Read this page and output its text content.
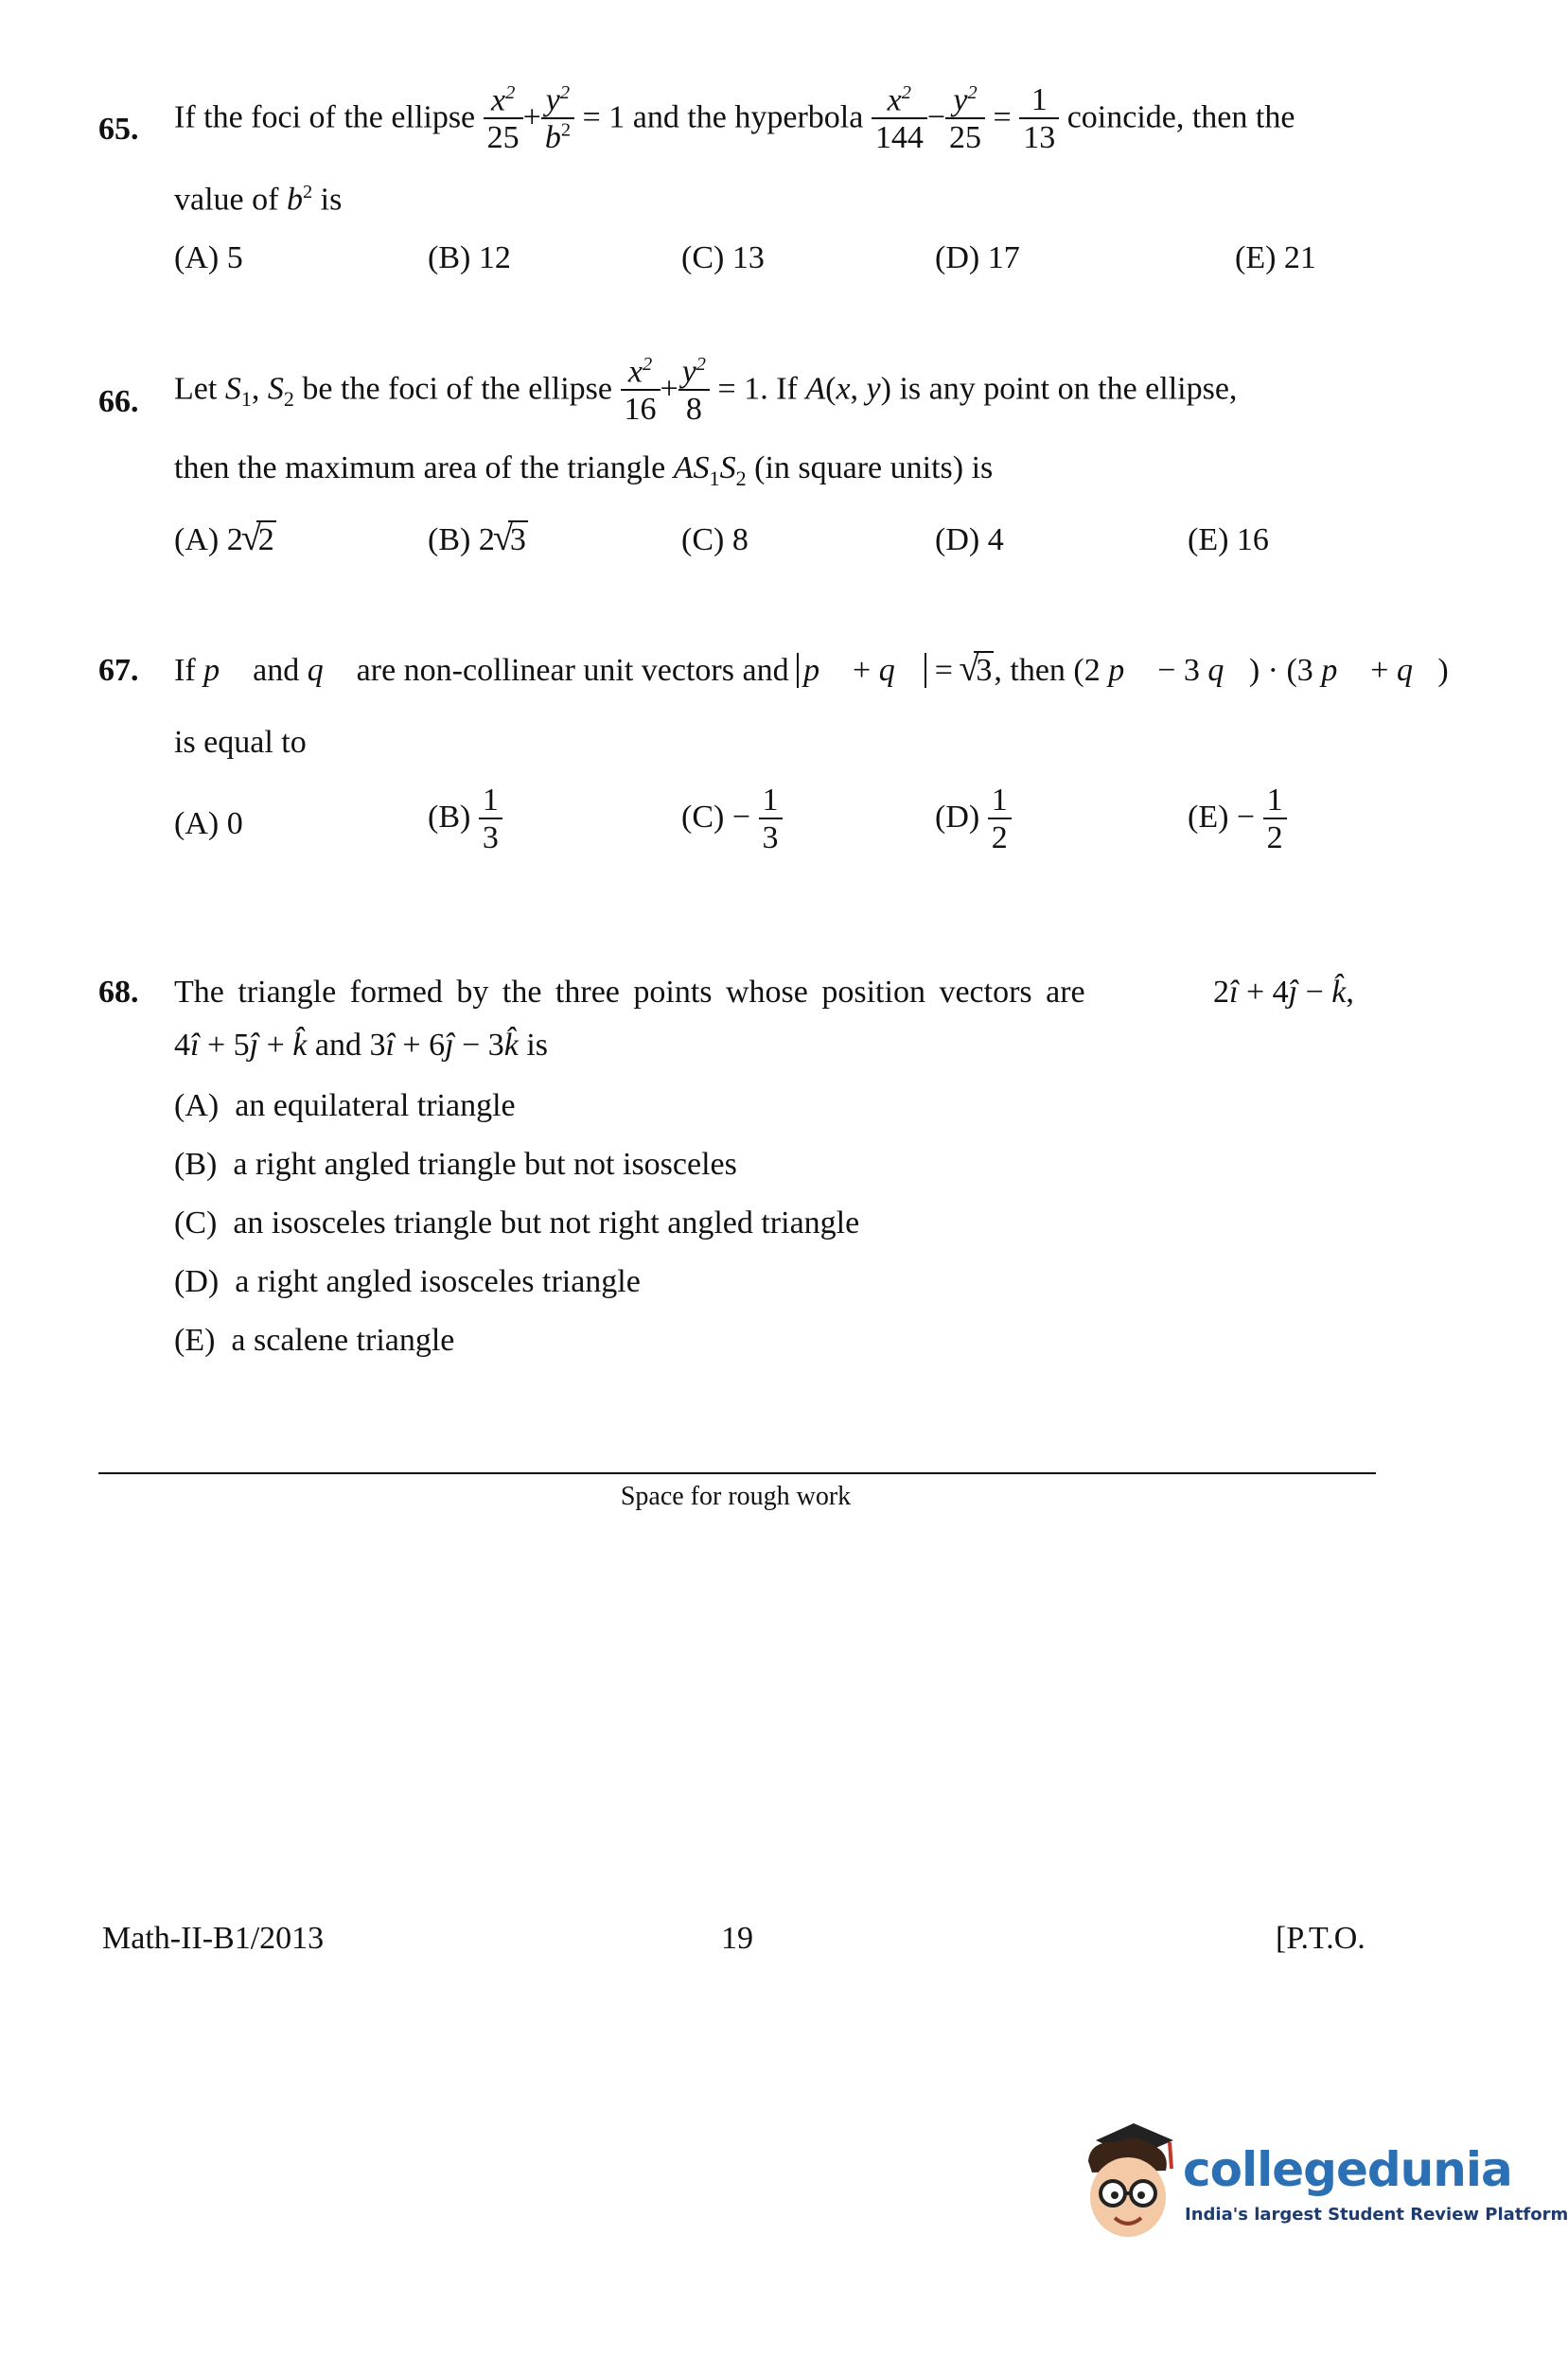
65. If the foci of the ellipse $\frac{x^2}{25} + \frac{y^2}{b^2} = 1$ and the hyperbola $\frac{x^2}{144} - \frac{y^2}{25} = \frac{1}{13}$ coincide, then the
value of $b^2$ is
(A) 5	(B) 12	(C) 13	(D) 17	(E) 21
66. Let $S_1$, $S_2$ be the foci of the ellipse $\frac{x^2}{16} + \frac{y^2}{8} = 1$. If A(x, y) is any point on the ellipse,
then the maximum area of the triangle $AS_1S_2$ (in square units) is
(A) 2 √ 2	(B) 2 √ 3	(C) 8	(D) 4	(E) 16
67. If p⃗ and q⃗ are non-collinear unit vectors and p⃗ + q⃗ = √ 3, then (2 p⃗ − 3 q⃗) · (3 p⃗ + q⃗)
is equal to
(A) 0	$(B) \frac{1}{3}$	$(C) - \frac{1}{3}$	$(D) \frac{1}{2}$	$(E) - \frac{1}{2}$
68. The triangle formed by the three points whose position vectors are	2î + 4ĵ − k̂,
4î + 5ĵ + k̂ and 3î + 6ĵ − 3k̂ is
(A)  an equilateral triangle
(B)  a right angled triangle but not isosceles
(C)  an isosceles triangle but not right angled triangle
(D)  a right angled isosceles triangle
(E)  a scalene triangle
Space for rough work
Math-II-B1/2013	19	[P.T.O.
collegedunia
India's largest Student Review Platform
